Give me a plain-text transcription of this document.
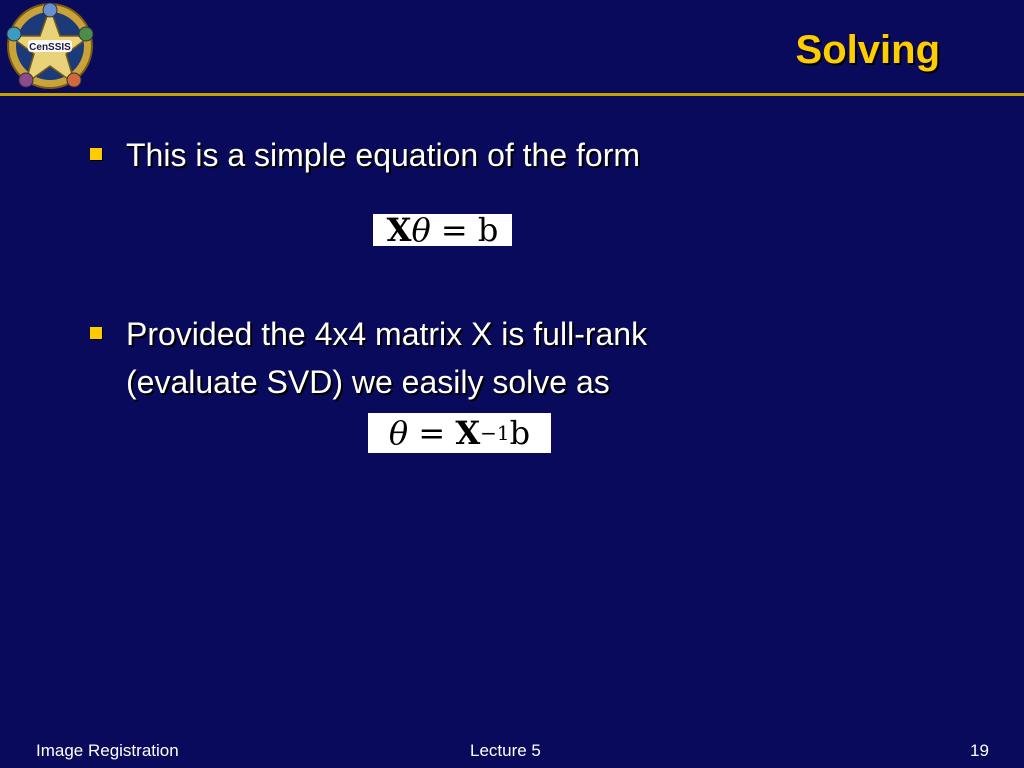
CenSSIS	Solving
This is a simple equation of the form
X θ
=
b
Provided the 4x4 matrix X is full-rank
(evaluate SVD) we easily solve as
θ
=
X −1 b
Image Registration	Lecture 5	19
